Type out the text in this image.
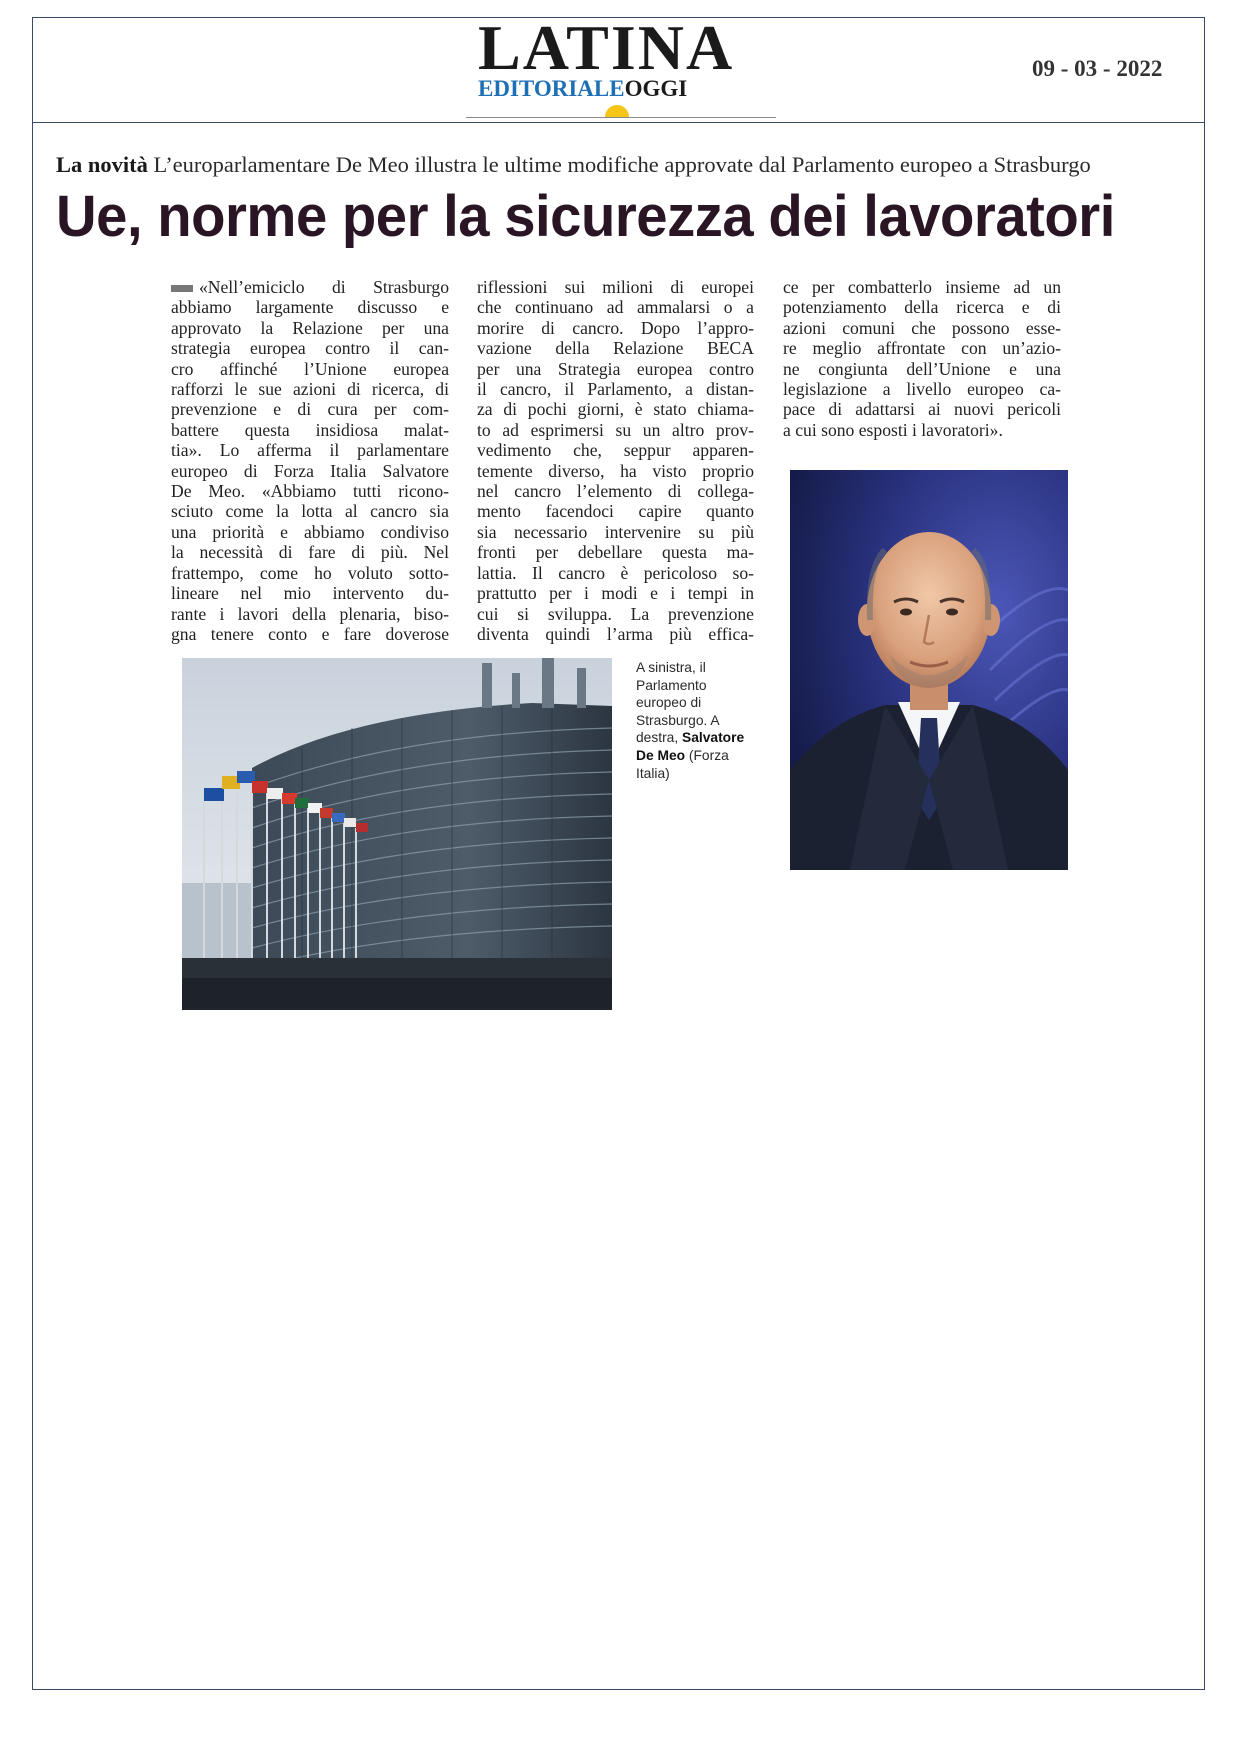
LATINA
EDITORIALEOGGI
09 - 03 - 2022
La novità L’europarlamentare De Meo illustra le ultime modifiche approvate dal Parlamento europeo a Strasburgo
Ue, norme per la sicurezza dei lavoratori
«Nell’emiciclo di Strasburgo
abbiamo largamente discusso e
approvato la Relazione per una
strategia europea contro il can-
cro affinché l’Unione europea
rafforzi le sue azioni di ricerca, di
prevenzione e di cura per com-
battere questa insidiosa malat-
tia». Lo afferma il parlamentare
europeo di Forza Italia Salvatore
De Meo. «Abbiamo tutti ricono-
sciuto come la lotta al cancro sia
una priorità e abbiamo condiviso
la necessità di fare di più. Nel
frattempo, come ho voluto sotto-
lineare nel mio intervento du-
rante i lavori della plenaria, biso-
gna tenere conto e fare doverose
riflessioni sui milioni di europei
che continuano ad ammalarsi o a
morire di cancro. Dopo l’appro-
vazione della Relazione BECA
per una Strategia europea contro
il cancro, il Parlamento, a distan-
za di pochi giorni, è stato chiama-
to ad esprimersi su un altro prov-
vedimento che, seppur apparen-
temente diverso, ha visto proprio
nel cancro l’elemento di collega-
mento facendoci capire quanto
sia necessario intervenire su più
fronti per debellare questa ma-
lattia. Il cancro è pericoloso so-
prattutto per i modi e i tempi in
cui si sviluppa. La prevenzione
diventa quindi l’arma più effica-
ce per combatterlo insieme ad un
potenziamento della ricerca e di
azioni comuni che possono esse-
re meglio affrontate con un’azio-
ne congiunta dell’Unione e una
legislazione a livello europeo ca-
pace di adattarsi ai nuovi pericoli
a cui sono esposti i lavoratori».
A sinistra, il
Parlamento
europeo di
Strasburgo. A
destra, Salvatore
De Meo (Forza
Italia)
